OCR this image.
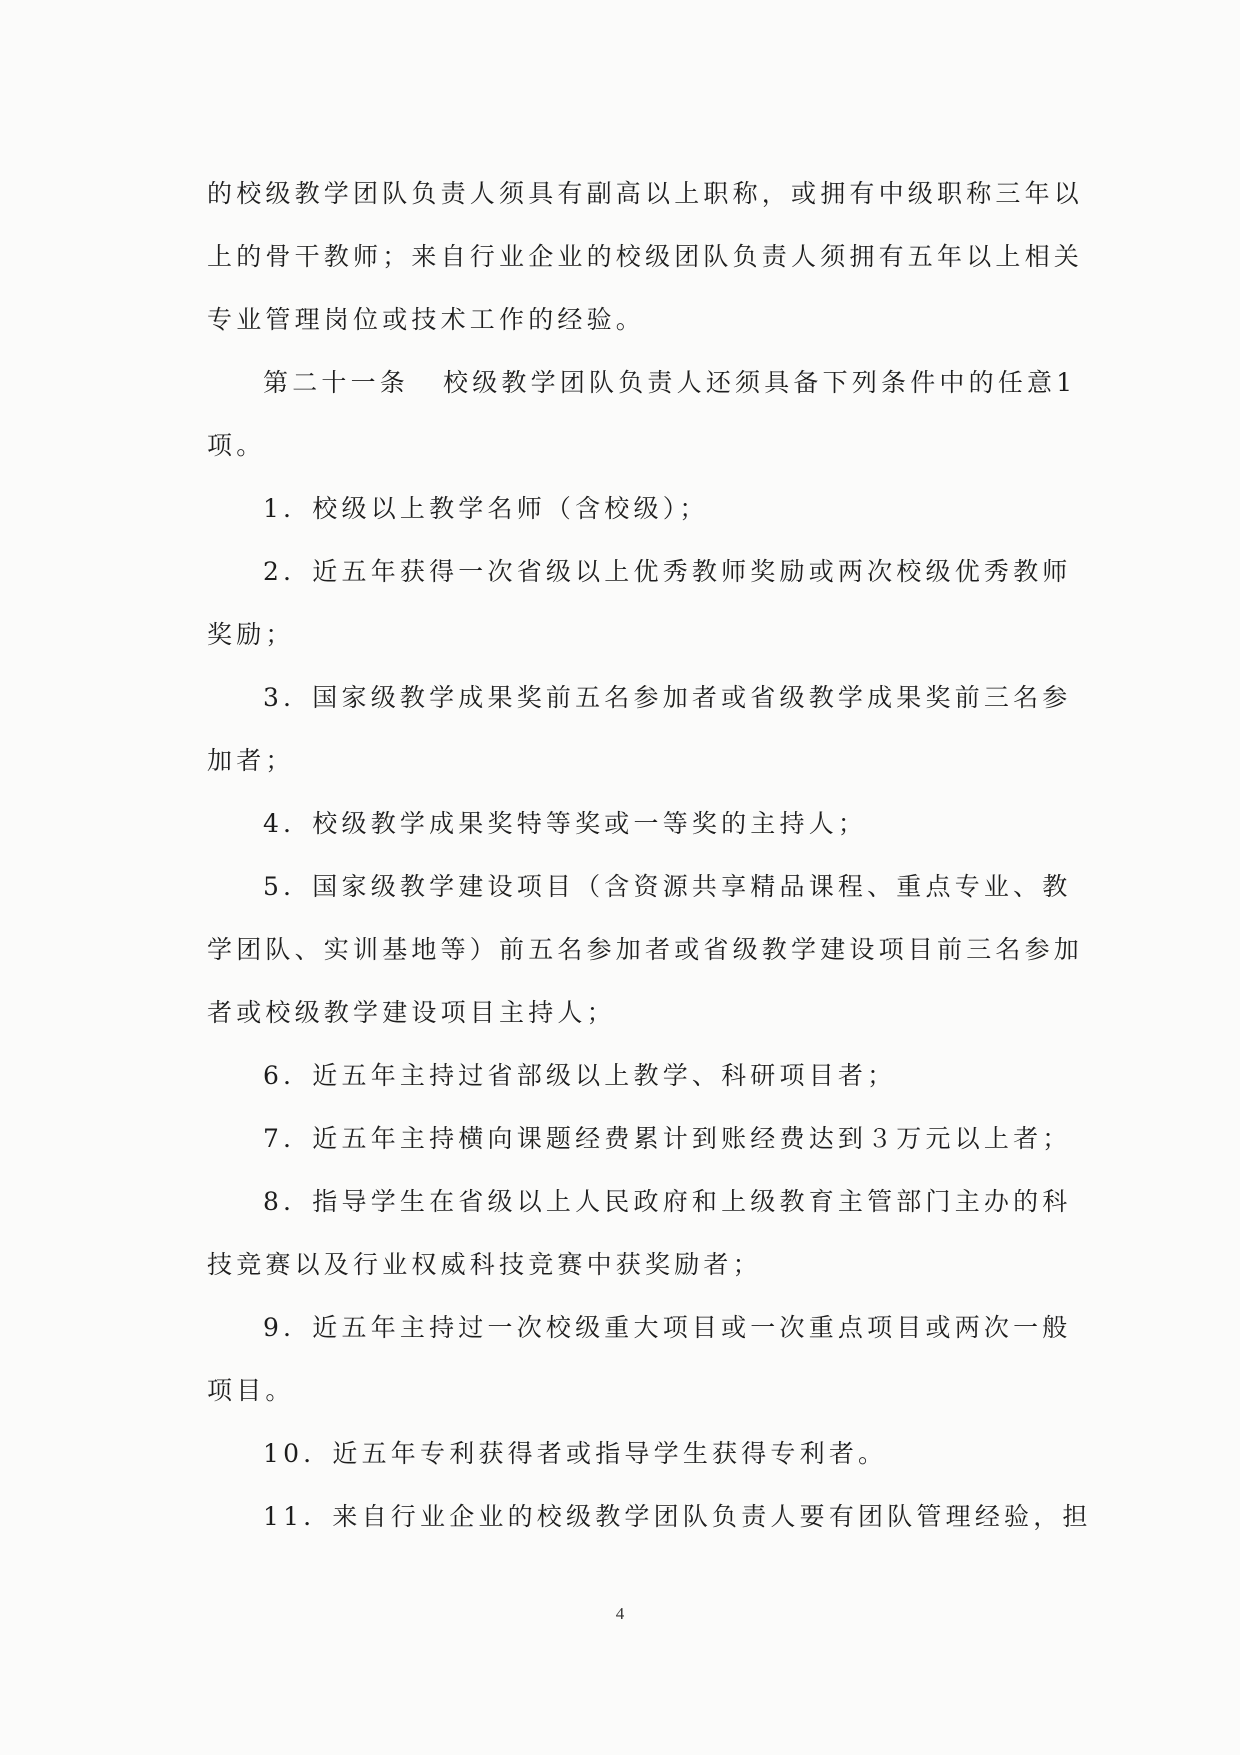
的校级教学团队负责人须具有副高以上职称，或拥有中级职称三年以
上的骨干教师；来自行业企业的校级团队负责人须拥有五年以上相关
专业管理岗位或技术工作的经验。
第二十一条 校级教学团队负责人还须具备下列条件中的任意1
项。
1．校级以上教学名师（含校级）；
2．近五年获得一次省级以上优秀教师奖励或两次校级优秀教师
奖励；
3．国家级教学成果奖前五名参加者或省级教学成果奖前三名参
加者；
4．校级教学成果奖特等奖或一等奖的主持人；
5．国家级教学建设项目（含资源共享精品课程、重点专业、教
学团队、实训基地等）前五名参加者或省级教学建设项目前三名参加
者或校级教学建设项目主持人；
6．近五年主持过省部级以上教学、科研项目者；
7．近五年主持横向课题经费累计到账经费达到３万元以上者；
8．指导学生在省级以上人民政府和上级教育主管部门主办的科
技竞赛以及行业权威科技竞赛中获奖励者；
9．近五年主持过一次校级重大项目或一次重点项目或两次一般
项目。
10．近五年专利获得者或指导学生获得专利者。
11．来自行业企业的校级教学团队负责人要有团队管理经验，担
4
